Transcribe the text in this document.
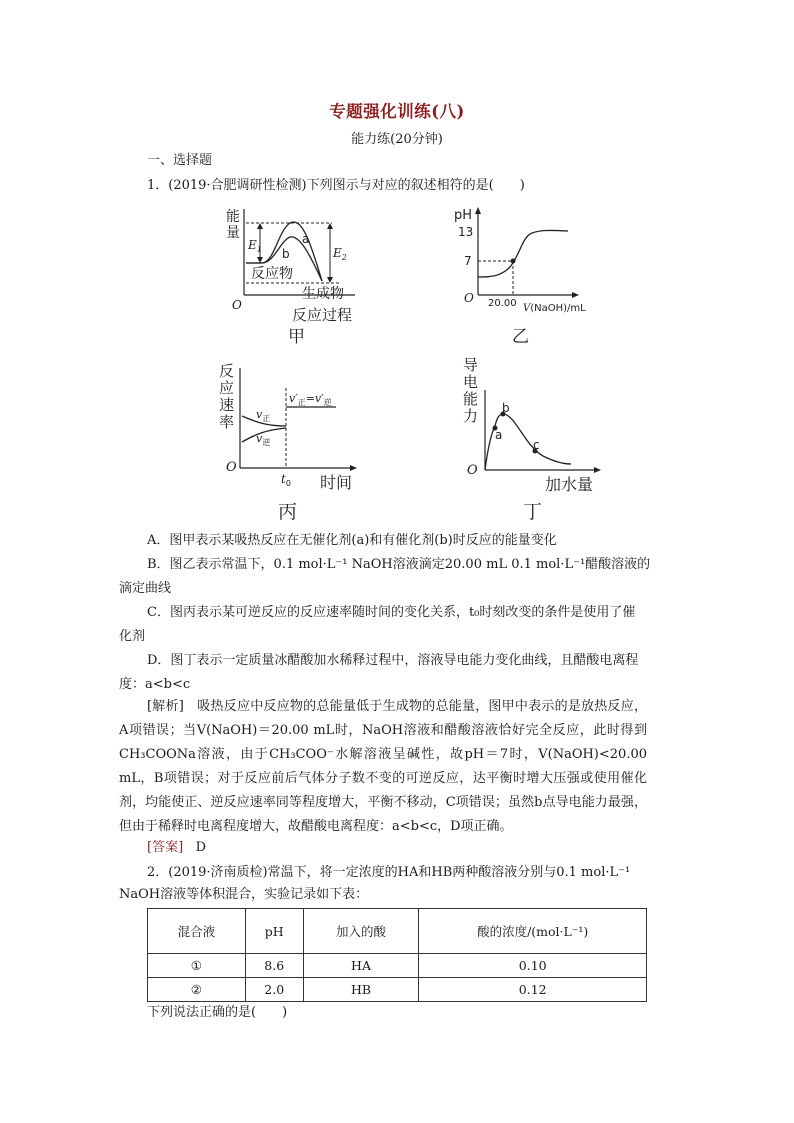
专题强化训练(八)
能力练(20分钟)
一、选择题
1．(2019·合肥调研性检测)下列图示与对应的叙述相符的是(　　)
能
量
$E_1$	$E_2$
a
b
反应物
生成物
O
反应过程
甲
pH
13
7
O 20.00 V(NaOH)/mL
乙
反
应
速
率 $v_正$
$v_逆$
$v'_正=v'_逆$
O
$t_0$ 时间
丙
导
电
能
力
a
b
c
O
加水量
丁
A．图甲表示某吸热反应在无催化剂(a)和有催化剂(b)时反应的能量变化
B．图乙表示常温下，0.1 mol·L⁻¹ NaOH溶液滴定20.00 mL 0.1 mol·L⁻¹醋酸溶液的
滴定曲线
C．图丙表示某可逆反应的反应速率随时间的变化关系，t₀时刻改变的条件是使用了催
化剂
D．图丁表示一定质量冰醋酸加水稀释过程中，溶液导电能力变化曲线，且醋酸电离程
度：a<b<c
[解析]　吸热反应中反应物的总能量低于生成物的总能量，图甲中表示的是放热反应，A项错误；当V(NaOH)＝20.00 mL时，NaOH溶液和醋酸溶液恰好完全反应，此时得到CH₃COONa溶液，由于CH₃COO⁻水解溶液呈碱性，故pH＝7时，V(NaOH)<20.00 mL，B项错误；对于反应前后气体分子数不变的可逆反应，达平衡时增大压强或使用催化剂，均能使正、逆反应速率同等程度增大，平衡不移动，C项错误；虽然b点导电能力最强，但由于稀释时电离程度增大，故醋酸电离程度：a<b<c，D项正确。
[答案] D
2．(2019·济南质检)常温下，将一定浓度的HA和HB两种酸溶液分别与0.1 mol·L⁻¹
NaOH溶液等体积混合，实验记录如下表：
混合液	pH	加入的酸	酸的浓度/(mol·L⁻¹)
①	8.6	HA	0.10
②	2.0	HB	0.12
下列说法正确的是(　　)
